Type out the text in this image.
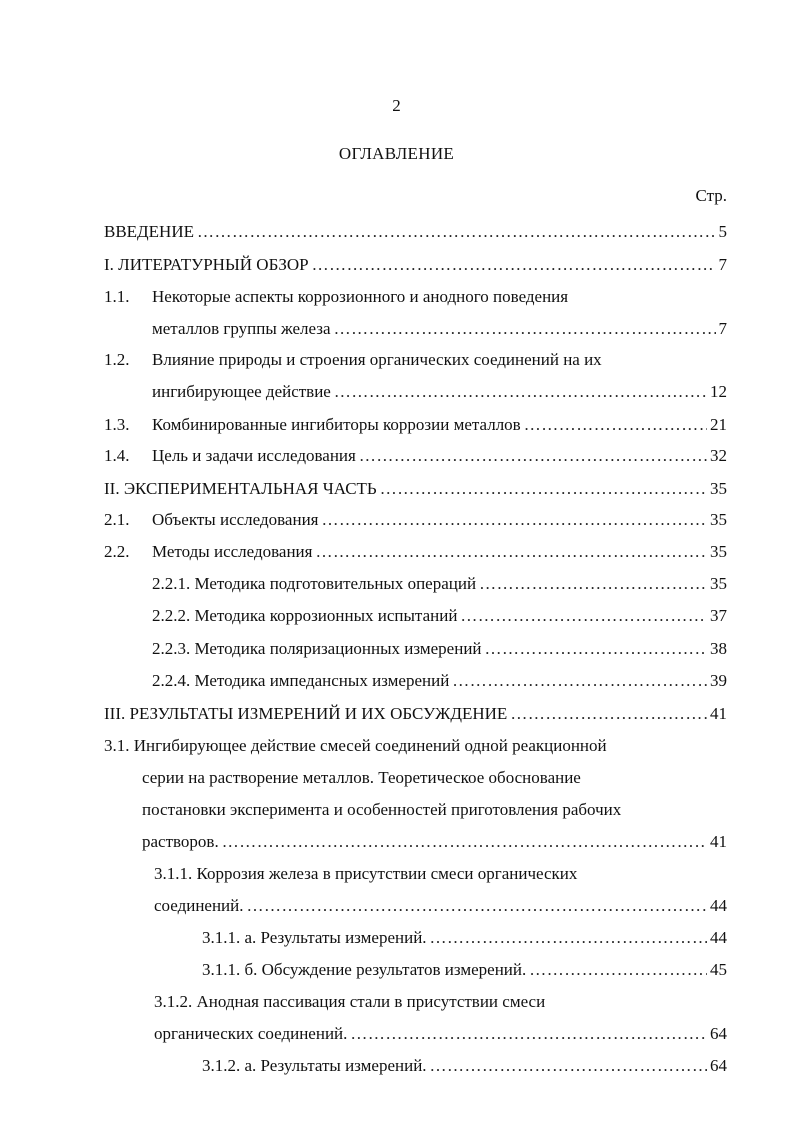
2
ОГЛАВЛЕНИЕ
Стр.
ВВЕДЕНИЕ ………………………………………………………………………………………………………………………………	5
I. ЛИТЕРАТУРНЫЙ ОБЗОР ………………………………………………………………………………………………………………………………	7
1.1. Некоторые аспекты коррозионного и анодного поведения
металлов группы железа ………………………………………………………………………………………………………………………………	7
1.2. Влияние природы и строения органических соединений на их
ингибирующее действие ………………………………………………………………………………………………………………………………	12
1.3.	Комбинированные ингибиторы коррозии металлов ………………………………………………………………………………………………………………………………	21
1.4.	Цель и задачи исследования ………………………………………………………………………………………………………………………………	32
II. ЭКСПЕРИМЕНТАЛЬНАЯ ЧАСТЬ ………………………………………………………………………………………………………………………………	35
2.1.	Объекты исследования ………………………………………………………………………………………………………………………………	35
2.2.	Методы исследования ………………………………………………………………………………………………………………………………	35
2.2.1. Методика подготовительных операций ………………………………………………………………………………………………………………………………	35
2.2.2. Методика коррозионных испытаний ………………………………………………………………………………………………………………………………	37
2.2.3. Методика поляризационных измерений ………………………………………………………………………………………………………………………………	38
2.2.4. Методика импедансных измерений ………………………………………………………………………………………………………………………………	39
III. РЕЗУЛЬТАТЫ ИЗМЕРЕНИЙ И ИХ ОБСУЖДЕНИЕ ………………………………………………………………………………………………………………………………	41
3.1. Ингибирующее действие смесей соединений одной реакционной
серии на растворение металлов. Теоретическое обоснование
постановки эксперимента и особенностей приготовления рабочих
растворов. ………………………………………………………………………………………………………………………………	41
3.1.1. Коррозия железа в присутствии смеси органических
соединений. ………………………………………………………………………………………………………………………………	44
3.1.1. а. Результаты измерений. ………………………………………………………………………………………………………………………………	44
3.1.1. б. Обсуждение результатов измерений. ………………………………………………………………………………………………………………………………	45
3.1.2. Анодная пассивация стали в присутствии смеси
органических соединений. ………………………………………………………………………………………………………………………………	64
3.1.2. а. Результаты измерений. ………………………………………………………………………………………………………………………………	64
